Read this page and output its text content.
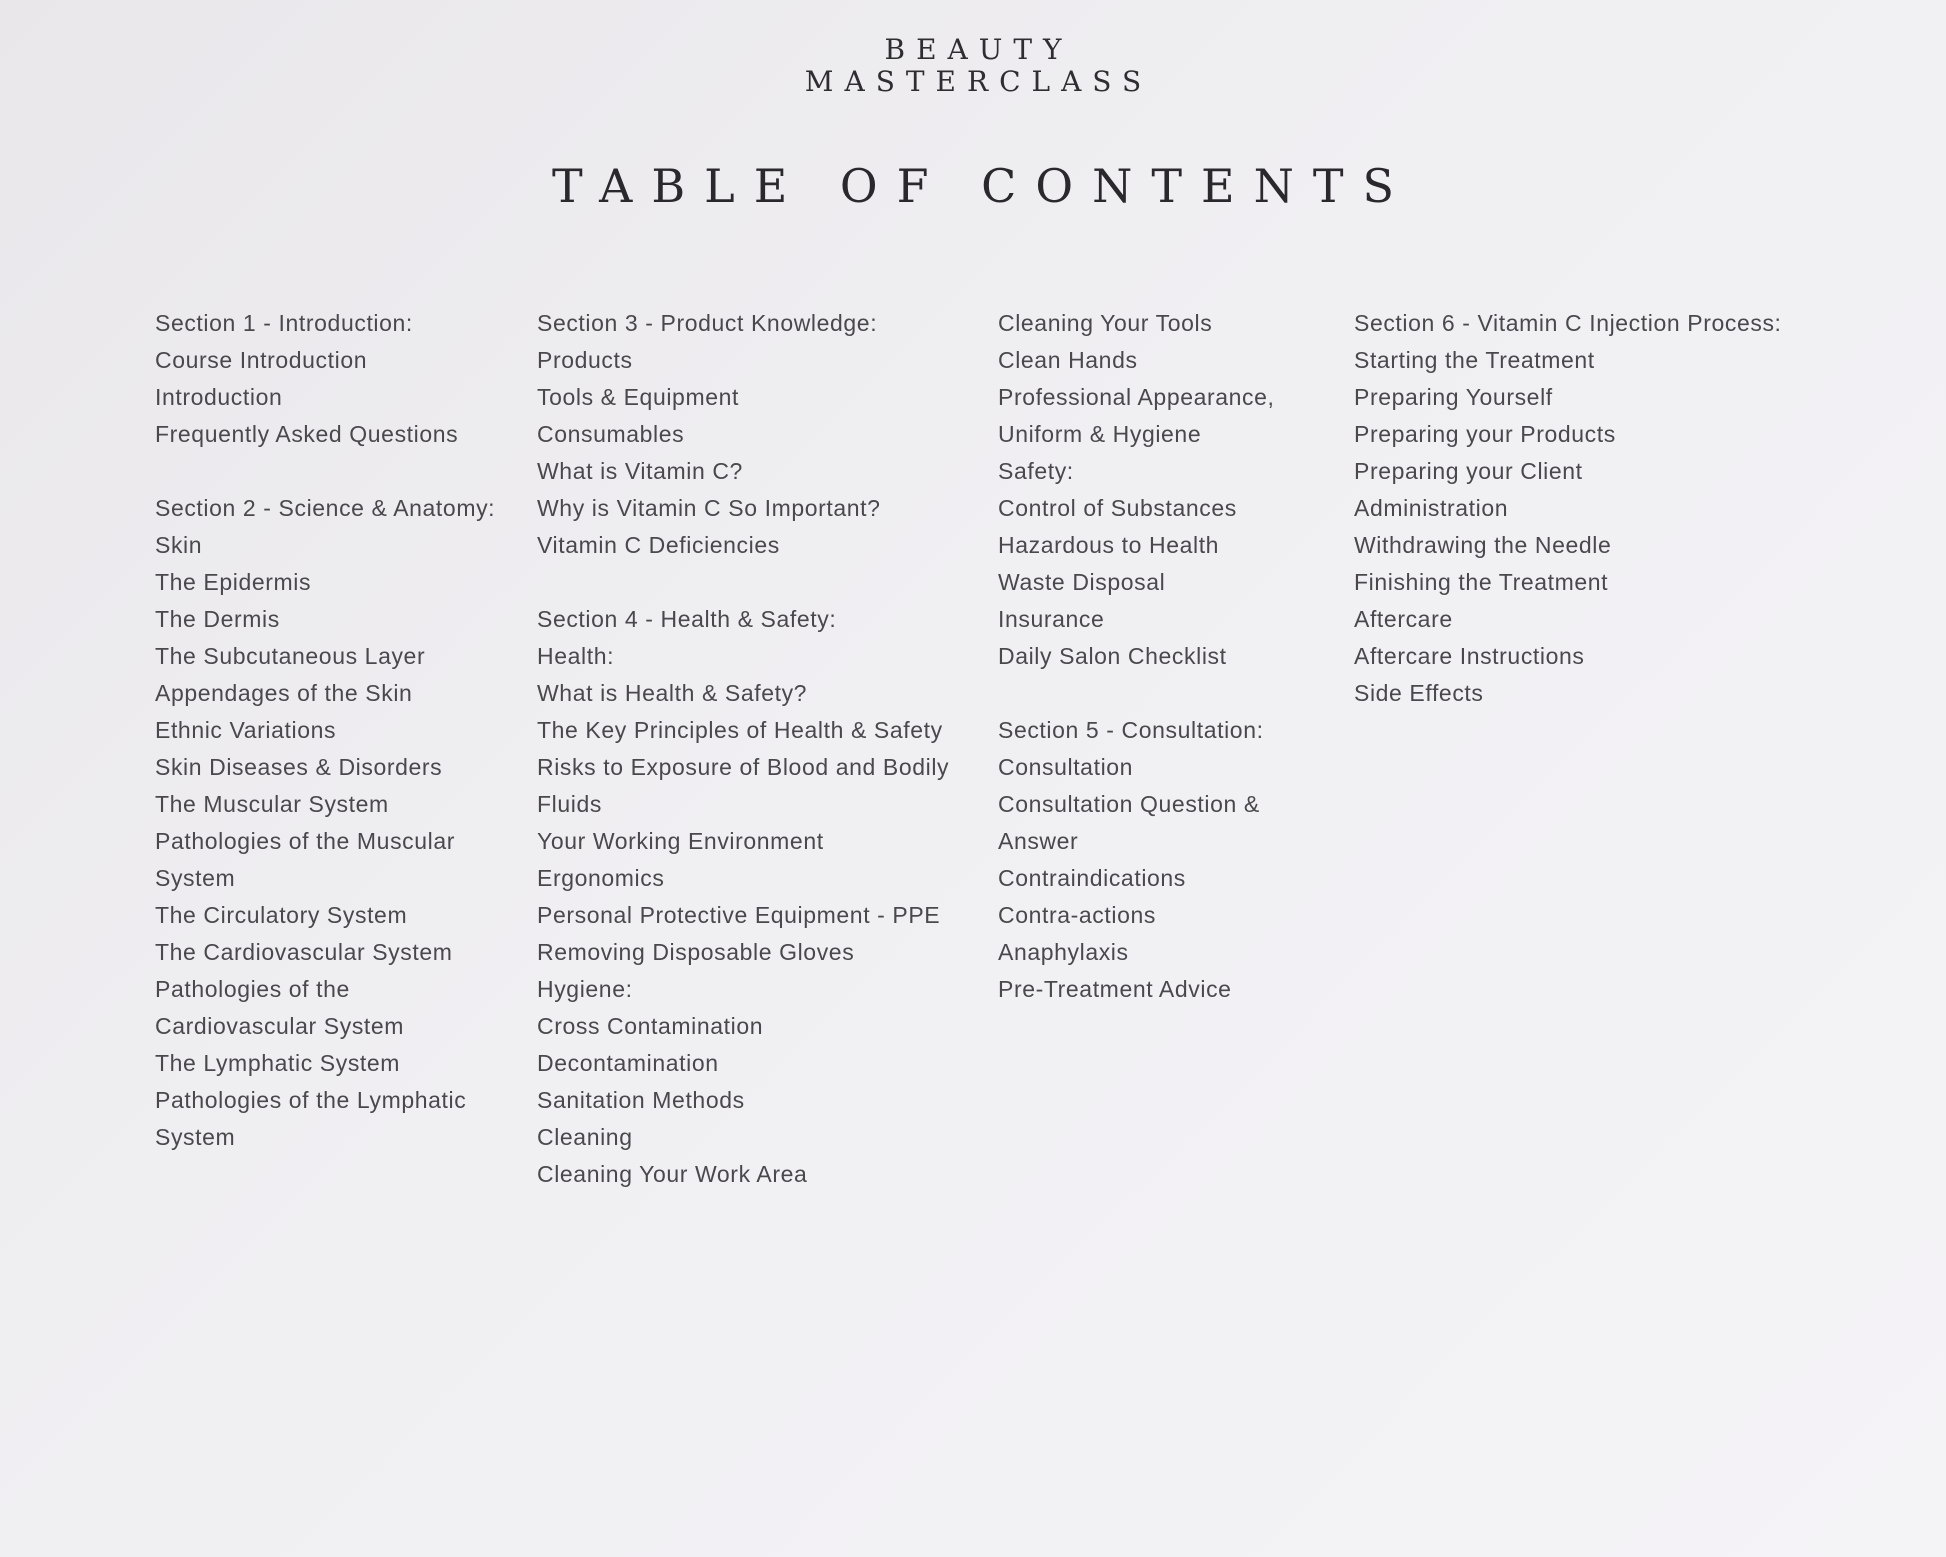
BEAUTY
MASTERCLASS
TABLE OF CONTENTS
Section 1 - Introduction:
Course Introduction
Introduction
Frequently Asked Questions
Section 2 - Science & Anatomy:
Skin
The Epidermis
The Dermis
The Subcutaneous Layer
Appendages of the Skin
Ethnic Variations
Skin Diseases & Disorders
The Muscular System
Pathologies of the Muscular
System
The Circulatory System
The Cardiovascular System
Pathologies of the
Cardiovascular System
The Lymphatic System
Pathologies of the Lymphatic
System
Section 3 - Product Knowledge:
Products
Tools & Equipment
Consumables
What is Vitamin C?
Why is Vitamin C So Important?
Vitamin C Deficiencies
Section 4 - Health & Safety:
Health:
What is Health & Safety?
The Key Principles of Health & Safety
Risks to Exposure of Blood and Bodily
Fluids
Your Working Environment
Ergonomics
Personal Protective Equipment - PPE
Removing Disposable Gloves
Hygiene:
Cross Contamination
Decontamination
Sanitation Methods
Cleaning
Cleaning Your Work Area
Cleaning Your Tools
Clean Hands
Professional Appearance,
Uniform & Hygiene
Safety:
Control of Substances
Hazardous to Health
Waste Disposal
Insurance
Daily Salon Checklist
Section 5 - Consultation:
Consultation
Consultation Question &
Answer
Contraindications
Contra-actions
Anaphylaxis
Pre-Treatment Advice
Section 6 - Vitamin C Injection Process:
Starting the Treatment
Preparing Yourself
Preparing your Products
Preparing your Client
Administration
Withdrawing the Needle
Finishing the Treatment
Aftercare
Aftercare Instructions
Side Effects
